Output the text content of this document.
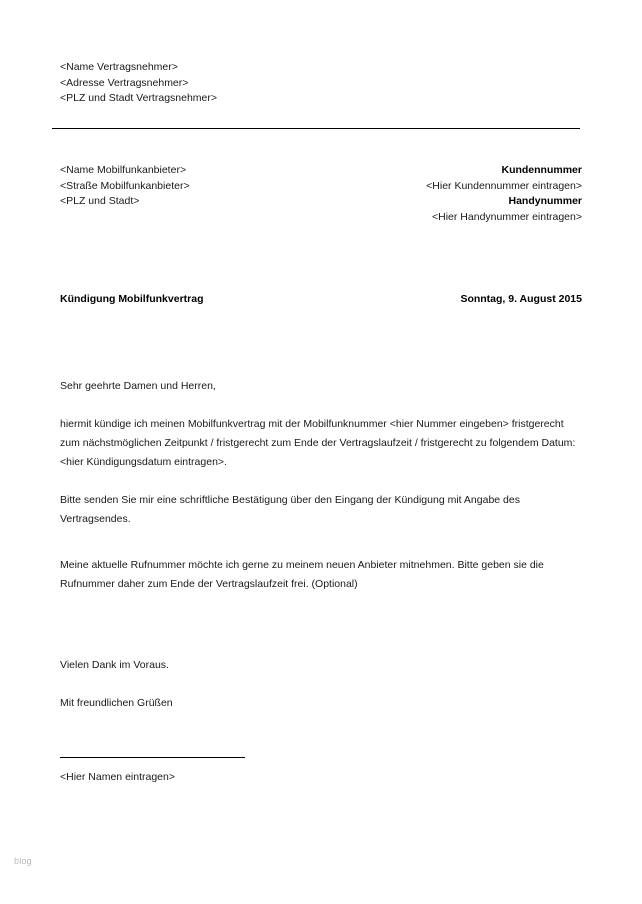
<Name Vertragsnehmer>
<Adresse Vertragsnehmer>
<PLZ und Stadt Vertragsnehmer>
<Name Mobilfunkanbieter>
<Straße Mobilfunkanbieter>
<PLZ und Stadt>
Kundennummer
<Hier Kundennummer eintragen>
Handynummer
<Hier Handynummer eintragen>
Kündigung Mobilfunkvertrag	Sonntag, 9. August 2015

Sehr geehrte Damen und Herren,

hiermit kündige ich meinen Mobilfunkvertrag mit der Mobilfunknummer <hier Nummer eingeben> fristgerecht zum nächstmöglichen Zeitpunkt / fristgerecht zum Ende der Vertragslaufzeit / fristgerecht zu folgendem Datum: <hier Kündigungsdatum eintragen>.

Bitte senden Sie mir eine schriftliche Bestätigung über den Eingang der Kündigung mit Angabe des Vertragsendes.

Meine aktuelle Rufnummer möchte ich gerne zu meinem neuen Anbieter mitnehmen. Bitte geben sie die Rufnummer daher zum Ende der Vertragslaufzeit frei. (Optional)

Vielen Dank im Voraus.

Mit freundlichen Grüßen

<Hier Namen eintragen>
blog
